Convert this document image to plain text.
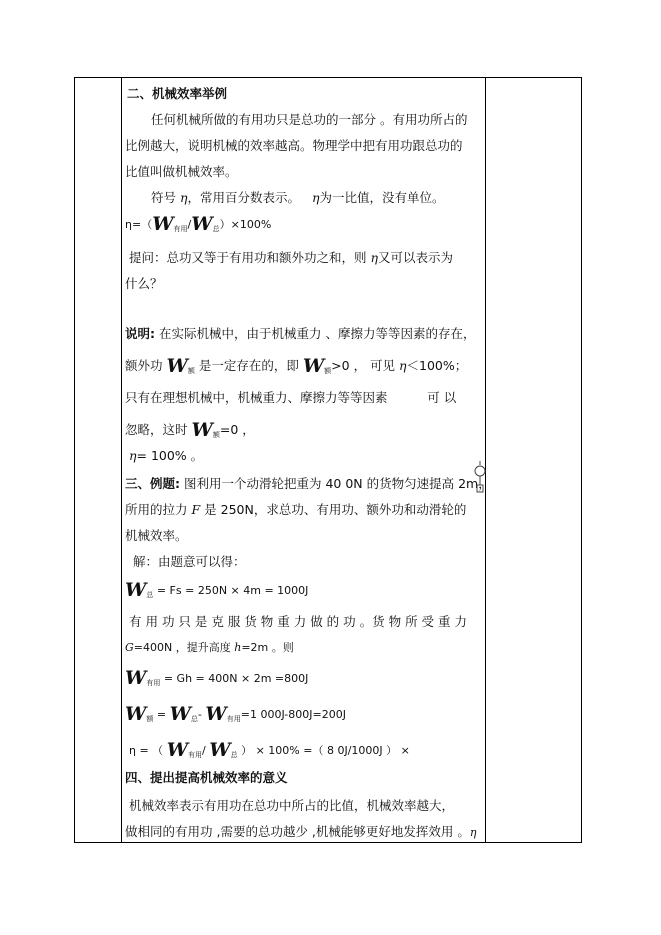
二、机械效率举例
任何机械所做的有用功只是总功的一部分 。有用功所占的
比例越大，说明机械的效率越高。物理学中把有用功跟总功的
比值叫做机械效率。
符号 η，常用百分数表示。 η为一比值，没有单位。
$\eta=(W_{有用}/W_总)\times 100\%$
提问：总功又等于有用功和额外功之和，则 η又可以表示为
什么？
说明: 在实际机械中，由于机械重力 、摩擦力等等因素的存在，
额外功 $W_额$ 是一定存在的，即 $W_额>0$ ， 可见 η＜100%；
只有在理想机械中，机械重力、摩擦力等等因素	可 以
忽略，这时 $W_额=0$ ，
η= 100% 。
三、例题: 图利用一个动滑轮把重为 40 0N 的货物匀速提高 2m，
所用的拉力 F 是 250N，求总功、有用功、额外功和动滑轮的
机械效率。
解：由题意可以得：
$W_总 = Fs = 250N \times 4m = 1000J$
有 用 功 只 是 克 服 货 物 重 力 做 的 功 。货 物 所 受 重 力
G=400N ，提升高度 h=2m 。则
$W_{有用} = Gh = 400N \times 2m =800J$
$W_额 = W_总-$ $W_{有用}=1$ 000J-800J=200J
η = （ $W_{有用}/$ $W_总$ ） × 100% =（ 8 0J/1000J ） ×
四、提出提高机械效率的意义
机械效率表示有用功在总功中所占的比值，机械效率越大，
做相同的有用功 ,需要的总功越少 ,机械能够更好地发挥效用 。η
